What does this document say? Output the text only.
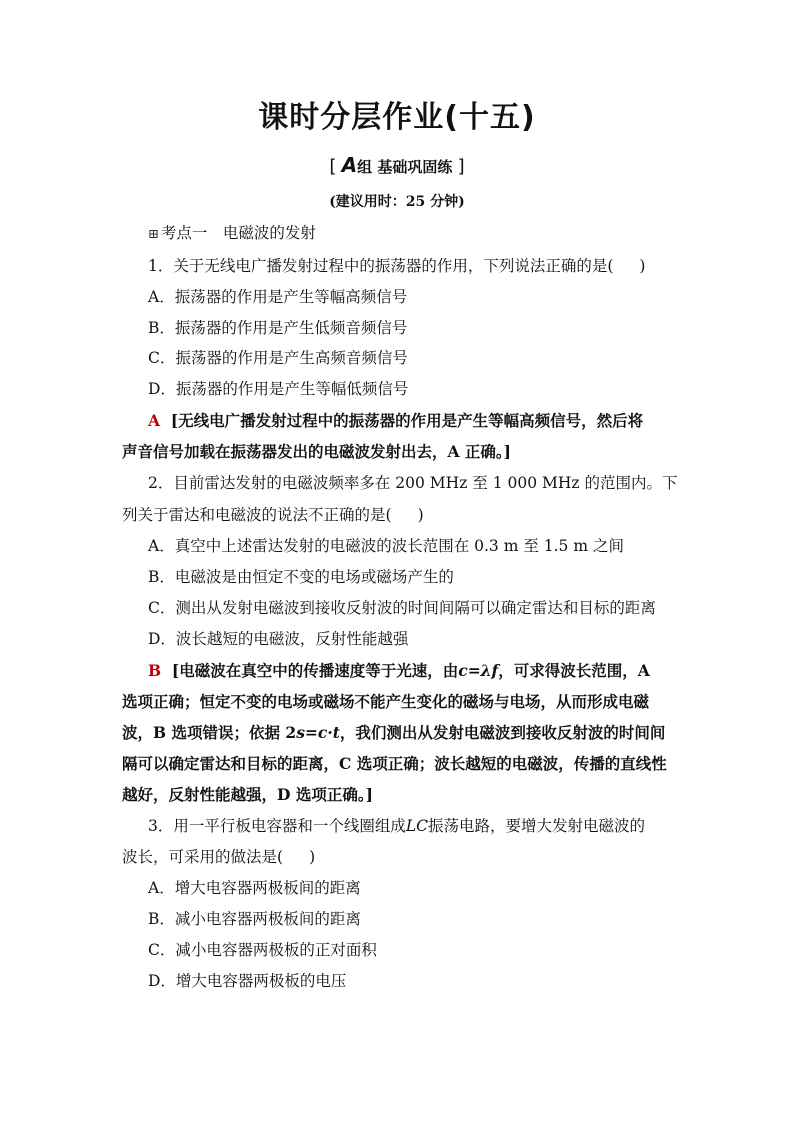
课时分层作业(十五)
[ A组 基础巩固练 ]
(建议用时：25 分钟)
⊞ 考点一　电磁波的发射
1．关于无线电广播发射过程中的振荡器的作用，下列说法正确的是( )
A．振荡器的作用是产生等幅高频信号
B．振荡器的作用是产生低频音频信号
C．振荡器的作用是产生高频音频信号
D．振荡器的作用是产生等幅低频信号
A [无线电广播发射过程中的振荡器的作用是产生等幅高频信号，然后将
声音信号加载在振荡器发出的电磁波发射出去，A 正确。]
2．目前雷达发射的电磁波频率多在 200 MHz 至 1 000 MHz 的范围内。下
列关于雷达和电磁波的说法不正确的是( )
A．真空中上述雷达发射的电磁波的波长范围在 0.3 m 至 1.5 m 之间
B．电磁波是由恒定不变的电场或磁场产生的
C．测出从发射电磁波到接收反射波的时间间隔可以确定雷达和目标的距离
D．波长越短的电磁波，反射性能越强
B [电磁波在真空中的传播速度等于光速，由c=λf，可求得波长范围，A
选项正确；恒定不变的电场或磁场不能产生变化的磁场与电场，从而形成电磁
波，B 选项错误；依据 2s=c·t，我们测出从发射电磁波到接收反射波的时间间
隔可以确定雷达和目标的距离，C 选项正确；波长越短的电磁波，传播的直线性
越好，反射性能越强，D 选项正确。]
3．用一平行板电容器和一个线圈组成LC振荡电路，要增大发射电磁波的
波长，可采用的做法是( )
A．增大电容器两极板间的距离
B．减小电容器两极板间的距离
C．减小电容器两极板的正对面积
D．增大电容器两极板的电压
